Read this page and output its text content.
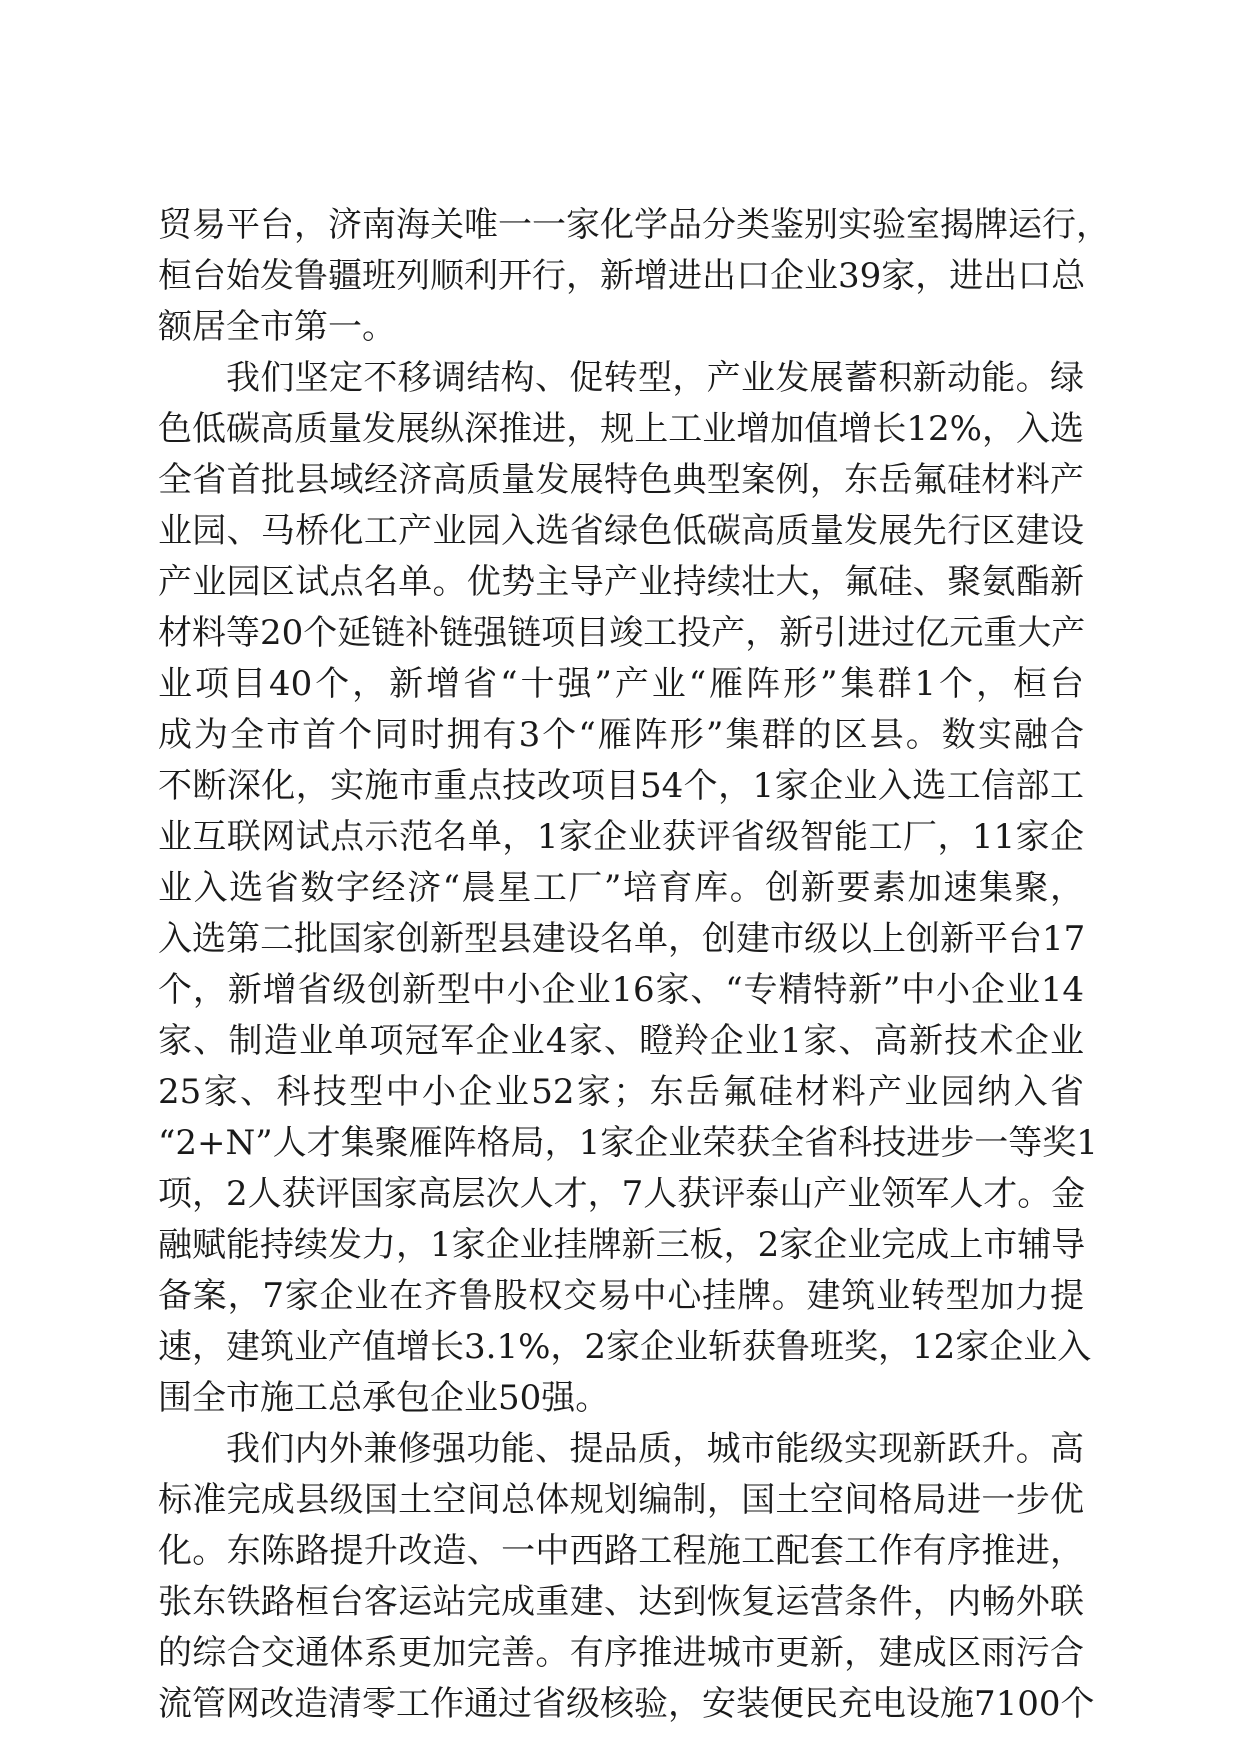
贸易平台，济南海关唯一一家化学品分类鉴别实验室揭牌运行，
桓台始发鲁疆班列顺利开行，新增进出口企业39家，进出口总
额居全市第一。
我们坚定不移调结构、促转型，产业发展蓄积新动能。绿
色低碳高质量发展纵深推进，规上工业增加值增长12%，入选
全省首批县域经济高质量发展特色典型案例，东岳氟硅材料产
业园、马桥化工产业园入选省绿色低碳高质量发展先行区建设
产业园区试点名单。优势主导产业持续壮大，氟硅、聚氨酯新
材料等20个延链补链强链项目竣工投产，新引进过亿元重大产
业项目40个，新增省“十强”产业“雁阵形”集群1个，桓台
成为全市首个同时拥有3个“雁阵形”集群的区县。数实融合
不断深化，实施市重点技改项目54个，1家企业入选工信部工
业互联网试点示范名单，1家企业获评省级智能工厂，11家企
业入选省数字经济“晨星工厂”培育库。创新要素加速集聚，
入选第二批国家创新型县建设名单，创建市级以上创新平台17
个，新增省级创新型中小企业16家、“专精特新”中小企业14
家、制造业单项冠军企业4家、瞪羚企业1家、高新技术企业
25家、科技型中小企业52家；东岳氟硅材料产业园纳入省
“2+N”人才集聚雁阵格局，1家企业荣获全省科技进步一等奖1
项，2人获评国家高层次人才，7人获评泰山产业领军人才。金
融赋能持续发力，1家企业挂牌新三板，2家企业完成上市辅导
备案，7家企业在齐鲁股权交易中心挂牌。建筑业转型加力提
速，建筑业产值增长3.1%，2家企业斩获鲁班奖，12家企业入
围全市施工总承包企业50强。
我们内外兼修强功能、提品质，城市能级实现新跃升。高
标准完成县级国土空间总体规划编制，国土空间格局进一步优
化。东陈路提升改造、一中西路工程施工配套工作有序推进，
张东铁路桓台客运站完成重建、达到恢复运营条件，内畅外联
的综合交通体系更加完善。有序推进城市更新，建成区雨污合
流管网改造清零工作通过省级核验，安装便民充电设施7100个
